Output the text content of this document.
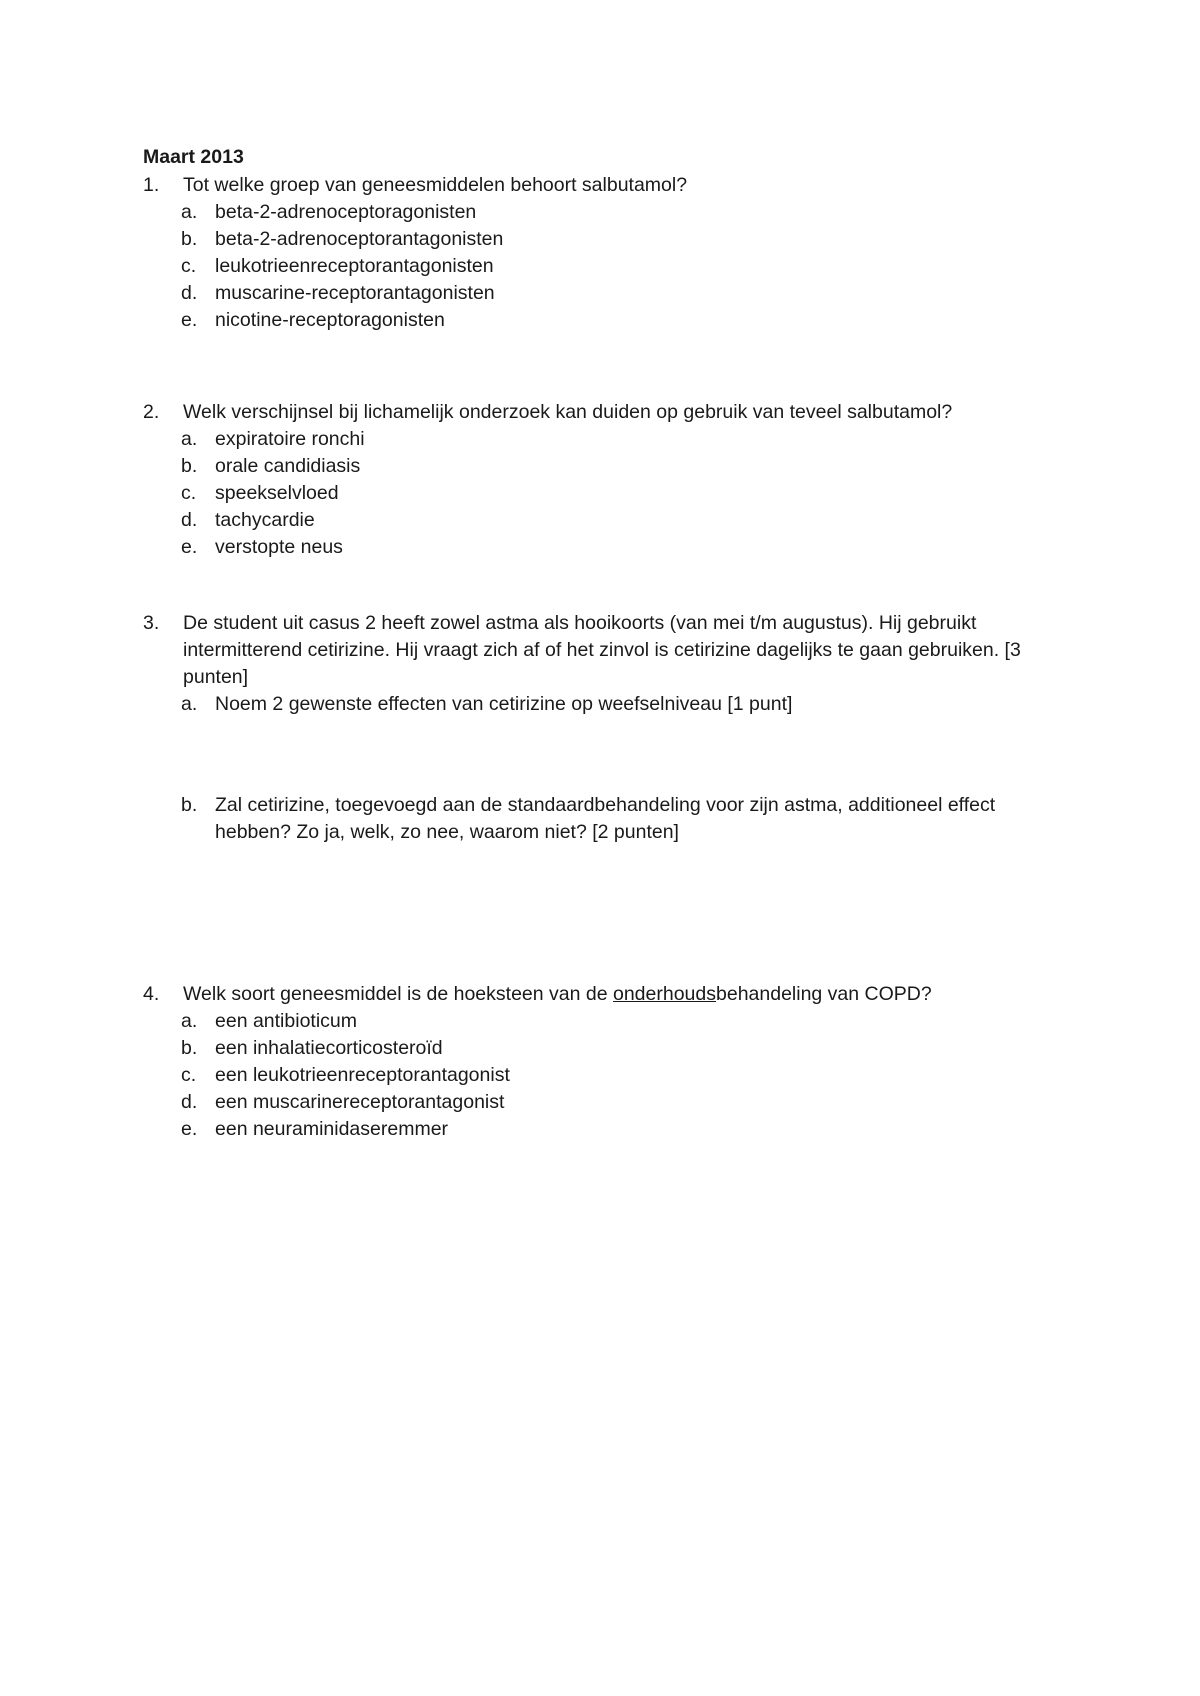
Maart 2013
1. Tot welke groep van geneesmiddelen behoort salbutamol?
a. beta-2-adrenoceptoragonisten
b. beta-2-adrenoceptorantagonisten
c. leukotrieenreceptorantagonisten
d. muscarine-receptorantagonisten
e. nicotine-receptoragonisten
2. Welk verschijnsel bij lichamelijk onderzoek kan duiden op gebruik van teveel salbutamol?
a. expiratoire ronchi
b. orale candidiasis
c. speekselvloed
d. tachycardie
e. verstopte neus
3. De student uit casus 2 heeft zowel astma als hooikoorts (van mei t/m augustus). Hij gebruikt intermitterend cetirizine. Hij vraagt zich af of het zinvol is cetirizine dagelijks te gaan gebruiken. [3 punten]
a. Noem 2 gewenste effecten van cetirizine op weefselniveau [1 punt]
b. Zal cetirizine, toegevoegd aan de standaardbehandeling voor zijn astma, additioneel effect hebben? Zo ja, welk, zo nee, waarom niet? [2 punten]
4. Welk soort geneesmiddel is de hoeksteen van de onderhoudsbehandeling van COPD?
a. een antibioticum
b. een inhalatiecorticosteroïd
c. een leukotrieenreceptorantagonist
d. een muscarinereceptorantagonist
e. een neuraminidaseremmer
